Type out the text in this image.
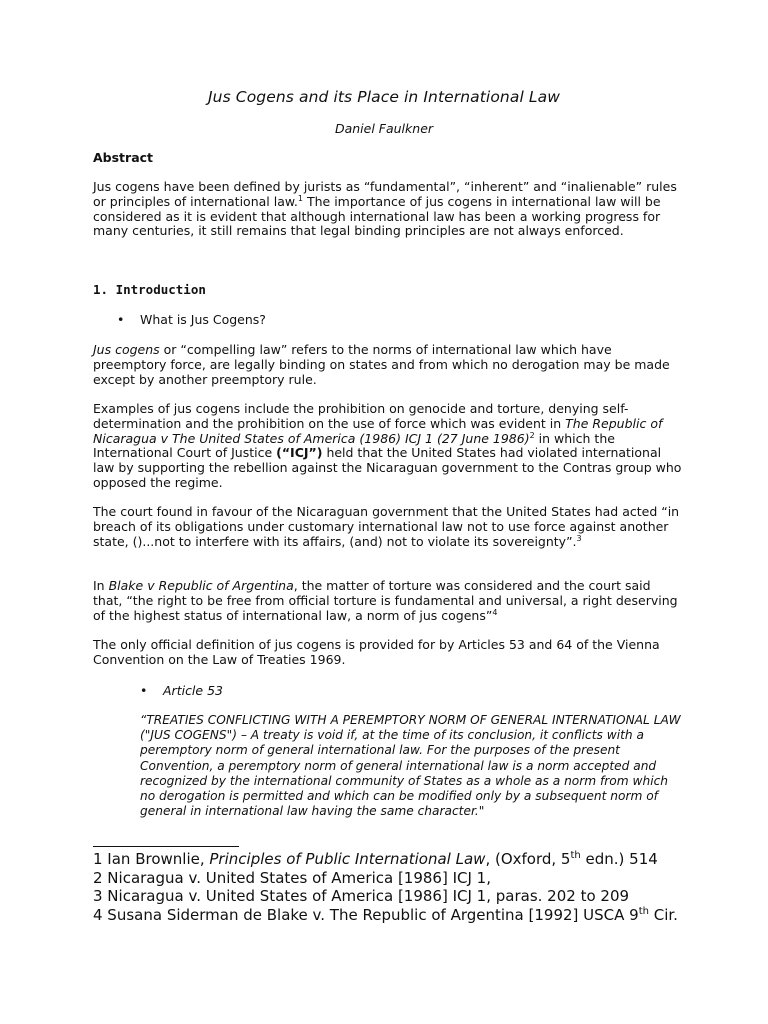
Jus Cogens and its Place in International Law
Daniel Faulkner
Abstract
Jus cogens have been defined by jurists as “fundamental”, “inherent” and “inalienable” rules or principles of international law.$^1$ The importance of jus cogens in international law will be considered as it is evident that although international law has been a working progress for many centuries, it still remains that legal binding principles are not always enforced.
1. Introduction
• What is Jus Cogens?
Jus cogens or “compelling law” refers to the norms of international law which have preemptory force, are legally binding on states and from which no derogation may be made except by another preemptory rule.
Examples of jus cogens include the prohibition on genocide and torture, denying self-determination and the prohibition on the use of force which was evident in The Republic of Nicaragua v The United States of America (1986) ICJ 1 (27 June 1986)$^2$ in which the International Court of Justice (“ICJ”) held that the United States had violated international law by supporting the rebellion against the Nicaraguan government to the Contras group who opposed the regime.
The court found in favour of the Nicaraguan government that the United States had acted “in breach of its obligations under customary international law not to use force against another state, ()...not to interfere with its affairs, (and) not to violate its sovereignty”.$^3$
In Blake v Republic of Argentina, the matter of torture was considered and the court said that, “the right to be free from official torture is fundamental and universal, a right deserving of the highest status of international law, a norm of jus cogens”$^4$
The only official definition of jus cogens is provided for by Articles 53 and 64 of the Vienna Convention on the Law of Treaties 1969.
• Article 53
“TREATIES CONFLICTING WITH A PEREMPTORY NORM OF GENERAL INTERNATIONAL LAW ("JUS COGENS") – A treaty is void if, at the time of its conclusion, it conflicts with a peremptory norm of general international law. For the purposes of the present Convention, a peremptory norm of general international law is a norm accepted and recognized by the international community of States as a whole as a norm from which no derogation is permitted and which can be modified only by a subsequent norm of general in international law having the same character."
1 Ian Brownlie, Principles of Public International Law, (Oxford, 5th edn.) 514
2 Nicaragua v. United States of America [1986] ICJ 1,
3 Nicaragua v. United States of America [1986] ICJ 1, paras. 202 to 209
4 Susana Siderman de Blake v. The Republic of Argentina [1992] USCA 9th Cir.
